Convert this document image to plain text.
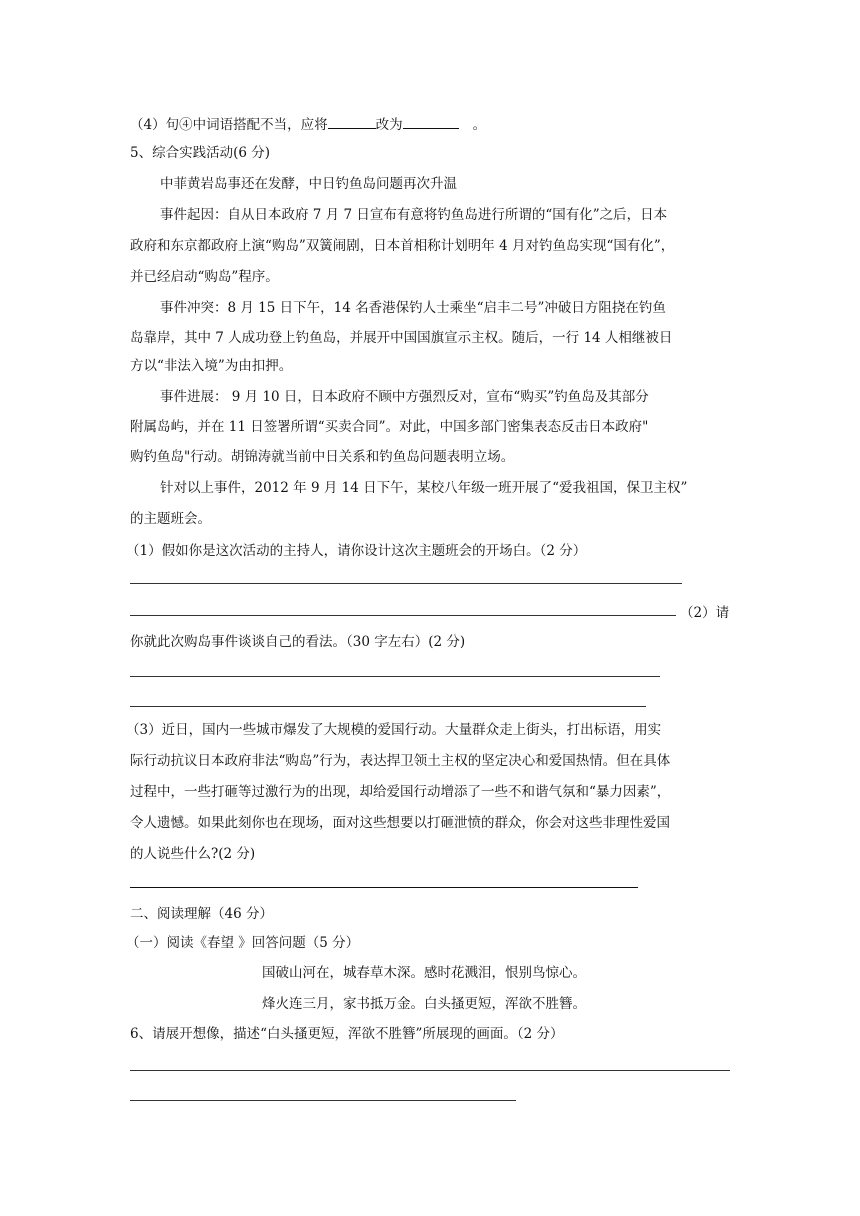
（4）句④中词语搭配不当，应将	改为	。
5、综合实践活动(6 分)
中菲黄岩岛事还在发酵，中日钓鱼岛问题再次升温
事件起因：自从日本政府 7 月 7 日宣布有意将钓鱼岛进行所谓的“国有化”之后，日本
政府和东京都政府上演“购岛”双簧闹剧，日本首相称计划明年 4 月对钓鱼岛实现“国有化”，
并已经启动“购岛”程序。
事件冲突：8 月 15 日下午，14 名香港保钓人士乘坐“启丰二号”冲破日方阻挠在钓鱼
岛靠岸，其中 7 人成功登上钓鱼岛，并展开中国国旗宣示主权。随后，一行 14 人相继被日
方以“非法入境”为由扣押。
事件进展： 9 月 10 日，日本政府不顾中方强烈反对，宣布“购买”钓鱼岛及其部分
附属岛屿，并在 11 日签署所谓“买卖合同”。对此，中国多部门密集表态反击日本政府"
购钓鱼岛"行动。胡锦涛就当前中日关系和钓鱼岛问题表明立场。
针对以上事件，2012 年 9 月 14 日下午，某校八年级一班开展了“爱我祖国，保卫主权”
的主题班会。
（1）假如你是这次活动的主持人，请你设计这次主题班会的开场白。（2 分）
（2）请
你就此次购岛事件谈谈自己的看法。（30 字左右）(2 分)
（3）近日，国内一些城市爆发了大规模的爱国行动。大量群众走上街头，打出标语，用实
际行动抗议日本政府非法“购岛”行为，表达捍卫领土主权的坚定决心和爱国热情。但在具体
过程中，一些打砸等过激行为的出现，却给爱国行动增添了一些不和谐气氛和“暴力因素”，
令人遗憾。如果此刻你也在现场，面对这些想要以打砸泄愤的群众，你会对这些非理性爱国
的人说些什么?(2 分)
二、阅读理解（46 分）
（一）阅读《春望 》回答问题（5 分）
国破山河在，城春草木深。感时花溅泪，恨别鸟惊心。
烽火连三月，家书抵万金。白头搔更短，浑欲不胜簪。
6、请展开想像，描述“白头搔更短，浑欲不胜簪”所展现的画面。（2 分）
